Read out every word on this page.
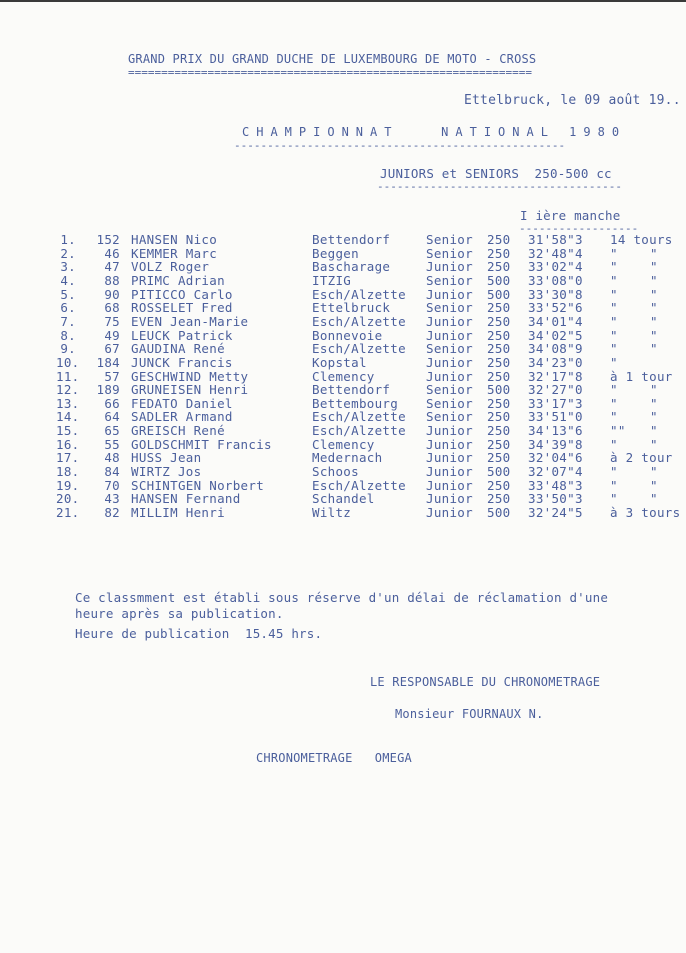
GRAND PRIX DU GRAND DUCHE DE LUXEMBOURG DE MOTO - CROSS
=============================================================
Ettelbruck, le 09 août 19..
CHAMPIONNAT   NATIONAL 1980
--------------------------------------------------
JUNIORS et SENIORS  250-500 cc
-------------------------------------
I ière manche
------------------
1.	152 HANSEN Nico	Bettendorf	Senior 250 31'58"3 14 tours
2.	46 KEMMER Marc	Beggen	Senior 250 32'48"4 "	"
3.	47 VOLZ Roger	Bascharage	Junior 250 33'02"4 "	"
4.	88 PRIMC Adrian	ITZIG	Senior 500 33'08"0 "	"
5.	90 PITICCO Carlo	Esch/Alzette Junior 500 33'30"8 "	"
6.	68 ROSSELET Fred	Ettelbruck	Senior 250 33'52"6 "	"
7.	75 EVEN Jean-Marie	Esch/Alzette Junior 250 34'01"4 "	"
8.	49 LEUCK Patrick	Bonnevoie	Junior 250 34'02"5 "	"
9.	67 GAUDINA René	Esch/Alzette Senior 250 34'08"9 "	"
10.	184 JUNCK Francis	Kopstal	Junior 250 34'23"0 "
11.	57 GESCHWIND Metty	Clemency	Junior 250 32'17"8 à 1 tour
12.	189 GRUNEISEN Henri	Bettendorf	Senior 500 32'27"0 "	"
13.	66 FEDATO Daniel	Bettembourg Senior 250 33'17"3 "	"
14.	64 SADLER Armand	Esch/Alzette Senior 250 33'51"0 "	"
15.	65 GREISCH René	Esch/Alzette Junior 250 34'13"6 "" "
16.	55 GOLDSCHMIT Francis	Clemency	Junior 250 34'39"8 "	"
17.	48 HUSS Jean	Medernach	Junior 250 32'04"6 à 2 tour
18.	84 WIRTZ Jos	Schoos	Junior 500 32'07"4 "	"
19.	70 SCHINTGEN Norbert	Esch/Alzette Junior 250 33'48"3 "	"
20.	43 HANSEN Fernand	Schandel	Junior 250 33'50"3 "	"
21.	82 MILLIM Henri	Wiltz	Junior 500 32'24"5 à 3 tours
Ce classmment est établi sous réserve d'un délai de réclamation d'une
heure après sa publication.
Heure de publication  15.45 hrs.
LE RESPONSABLE DU CHRONOMETRAGE
Monsieur FOURNAUX N.
CHRONOMETRAGE   OMEGA
